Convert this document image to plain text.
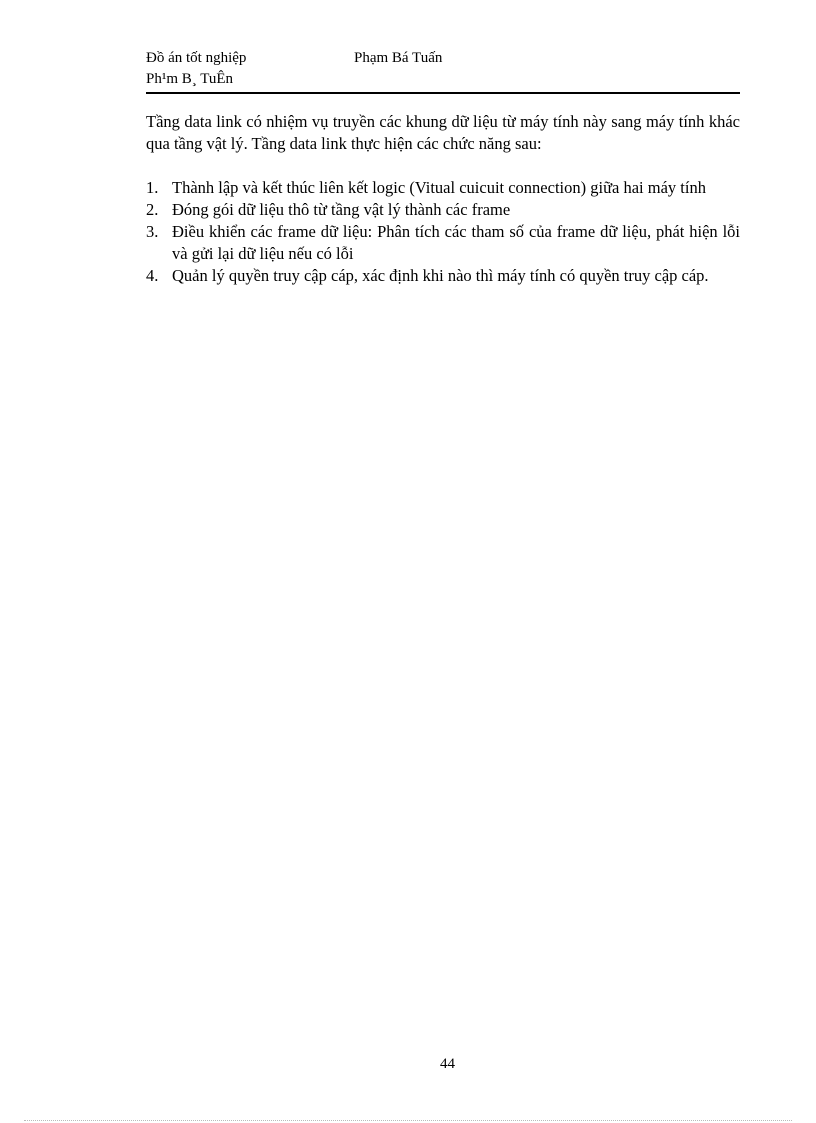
Đồ án tốt nghiệp	Phạm Bá Tuấn
Ph¹m B¸ TuÊn

Tầng data link có nhiệm vụ truyền các khung dữ liệu từ máy tính này sang máy tính khác qua tầng vật lý. Tầng data link thực hiện các chức năng sau:

1. Thành lập và kết thúc liên kết logic (Vitual cuicuit connection) giữa hai máy tính
2. Đóng gói dữ liệu thô từ tầng vật lý thành các frame
3. Điều khiển các frame dữ liệu: Phân tích các tham số của frame dữ liệu, phát hiện lỗi và gửi lại dữ liệu nếu có lỗi
4. Quản lý quyền truy cập cáp, xác định khi nào thì máy tính có quyền truy cập cáp.
44
